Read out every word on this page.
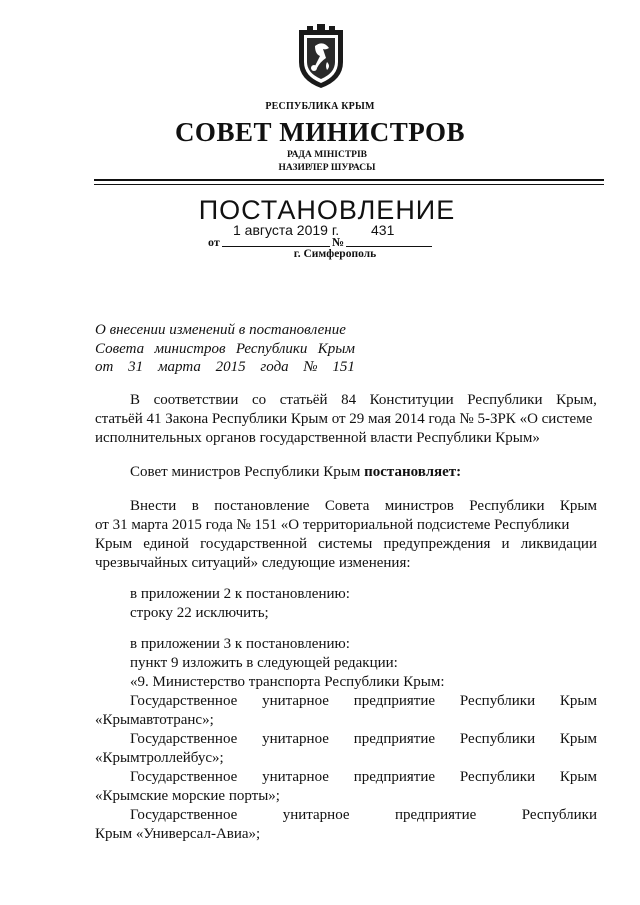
РЕСПУБЛИКА КРЫМ
СОВЕТ МИНИСТРОВ
РАДА МІНІСТРІВ
НАЗИРЛЕР ШУРАСЫ
ПОСТАНОВЛЕНИЕ
1 августа 2019 г. 431
от	№
г. Симферополь
О внесении изменений в постановление
Совета министров Республики Крым
от 31 марта 2015 года № 151
В соответствии со статьёй 84 Конституции Республики Крым,
статьёй 41 Закона Республики Крым от 29 мая 2014 года № 5-ЗРК «О системе
исполнительных органов государственной власти Республики Крым»
Совет министров Республики Крым постановляет:
Внести в постановление Совета министров Республики Крым
от 31 марта 2015 года № 151 «О территориальной подсистеме Республики
Крым единой государственной системы предупреждения и ликвидации
чрезвычайных ситуаций» следующие изменения:
в приложении 2 к постановлению:
строку 22 исключить;
в приложении 3 к постановлению:
пункт 9 изложить в следующей редакции:
«9. Министерство транспорта Республики Крым:
Государственное унитарное предприятие Республики Крым
«Крымавтотранс»;
Государственное унитарное предприятие Республики Крым
«Крымтроллейбус»;
Государственное унитарное предприятие Республики Крым
«Крымские морские порты»;
Государственное	унитарное	предприятие	Республики
Крым «Универсал-Авиа»;
